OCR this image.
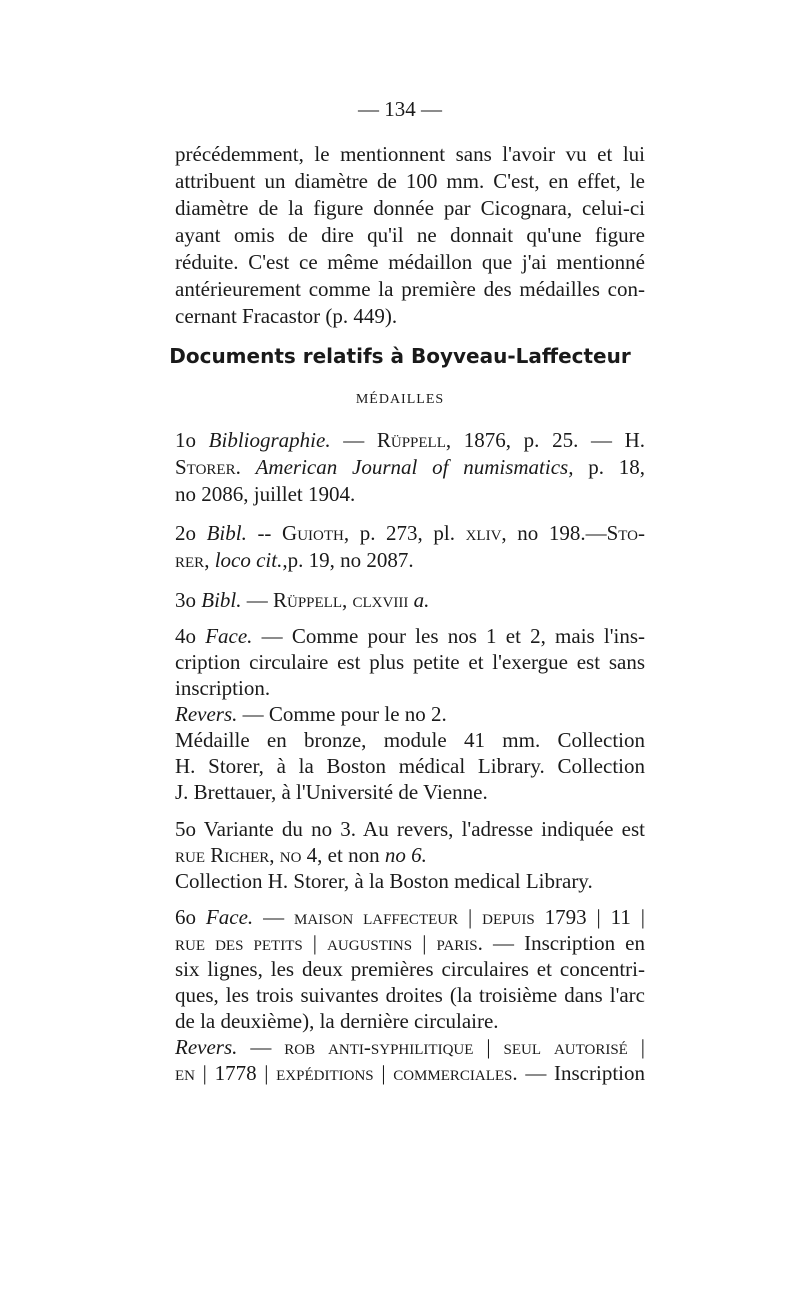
— 134 —
précédemment, le mentionnent sans l'avoir vu et lui
attribuent un diamètre de 100 mm. C'est, en effet, le
diamètre de la figure donnée par Cicognara, celui-ci
ayant omis de dire qu'il ne donnait qu'une figure
réduite. C'est ce même médaillon que j'ai mentionné
antérieurement comme la première des médailles con-
cernant Fracastor (p. 449).
Documents relatifs à Boyveau-Laffecteur
MÉDAILLES
1o Bibliographie. — Rüppell, 1876, p. 25. — H.
Storer. American Journal of numismatics, p. 18,
no 2086, juillet 1904.
2o Bibl. -- Guioth, p. 273, pl. xliv, no 198.—Sto-
rer, loco cit.,p. 19, no 2087.
3o Bibl. — Rüppell, clxviii a.
4o Face. — Comme pour les nos 1 et 2, mais l'ins-
cription circulaire est plus petite et l'exergue est sans
inscription.
Revers. — Comme pour le no 2.
Médaille en bronze, module 41 mm. Collection
H. Storer, à la Boston médical Library. Collection
J. Brettauer, à l'Université de Vienne.
5o Variante du no 3. Au revers, l'adresse indiquée est
rue Richer, no 4, et non no 6.
Collection H. Storer, à la Boston medical Library.
6o Face. — maison laffecteur | depuis 1793 | 11 |
rue des petits | augustins | paris. — Inscription en
six lignes, les deux premières circulaires et concentri-
ques, les trois suivantes droites (la troisième dans l'arc
de la deuxième), la dernière circulaire.
Revers. — rob anti-syphilitique | seul autorisé |
en | 1778 | expéditions | commerciales. — Inscription
